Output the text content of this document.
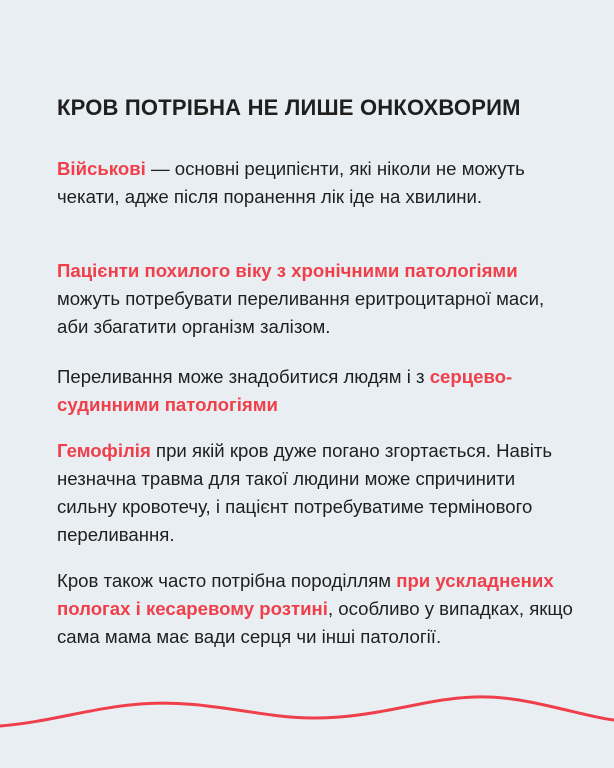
КРОВ ПОТРІБНА НЕ ЛИШЕ ОНКОХВОРИМ

Військові — основні реципієнти, які ніколи не можуть чекати, адже після поранення лік іде на хвилини.

Пацієнти похилого віку з хронічними патологіями можуть потребувати переливання еритроцитарної маси, аби збагатити організм залізом.

Переливання може знадобитися людям і з серцево-судинними патологіями

Гемофілія при якій кров дуже погано згортається. Навіть незначна травма для такої людини може спричинити сильну кровотечу, і пацієнт потребуватиме термінового переливання.

Кров також часто потрібна породіллям при ускладнених пологах і кесаревому розтині, особливо у випадках, якщо сама мама має вади серця чи інші патології.
